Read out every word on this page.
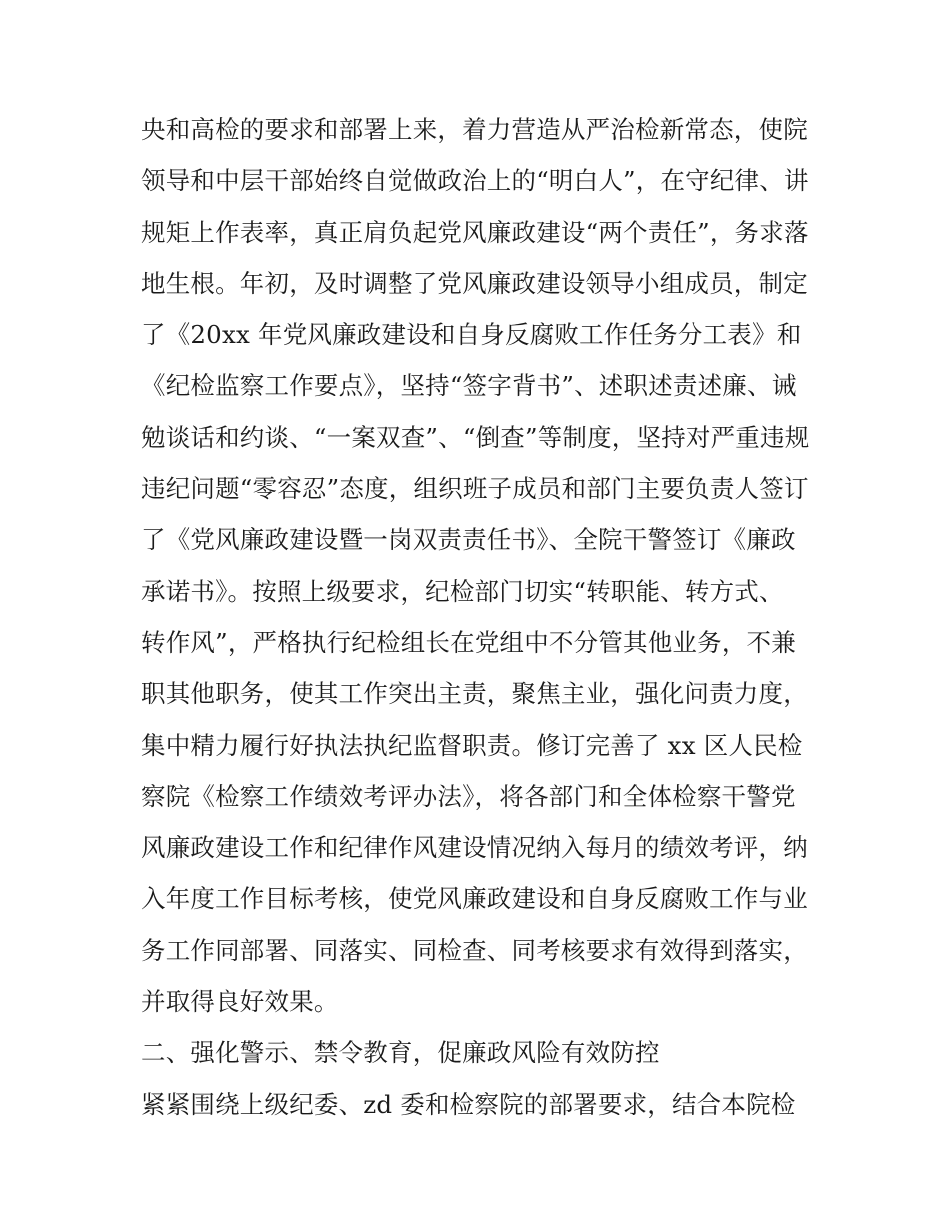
央和高检的要求和部署上来，着力营造从严治检新常态，使院
领导和中层干部始终自觉做政治上的“明白人”，在守纪律、讲
规矩上作表率，真正肩负起党风廉政建设“两个责任”，务求落
地生根。年初，及时调整了党风廉政建设领导小组成员，制定
了《20xx 年党风廉政建设和自身反腐败工作任务分工表》和
《纪检监察工作要点》，坚持“签字背书”、述职述责述廉、诫
勉谈话和约谈、“一案双查”、“倒查”等制度，坚持对严重违规
违纪问题“零容忍”态度，组织班子成员和部门主要负责人签订
了《党风廉政建设暨一岗双责责任书》、全院干警签订《廉政
承诺书》。按照上级要求，纪检部门切实“转职能、转方式、
转作风”，严格执行纪检组长在党组中不分管其他业务，不兼
职其他职务，使其工作突出主责，聚焦主业，强化问责力度，
集中精力履行好执法执纪监督职责。修订完善了 xx 区人民检
察院《检察工作绩效考评办法》，将各部门和全体检察干警党
风廉政建设工作和纪律作风建设情况纳入每月的绩效考评，纳
入年度工作目标考核，使党风廉政建设和自身反腐败工作与业
务工作同部署、同落实、同检查、同考核要求有效得到落实，
并取得良好效果。
二、强化警示、禁令教育，促廉政风险有效防控
紧紧围绕上级纪委、zd 委和检察院的部署要求，结合本院检
